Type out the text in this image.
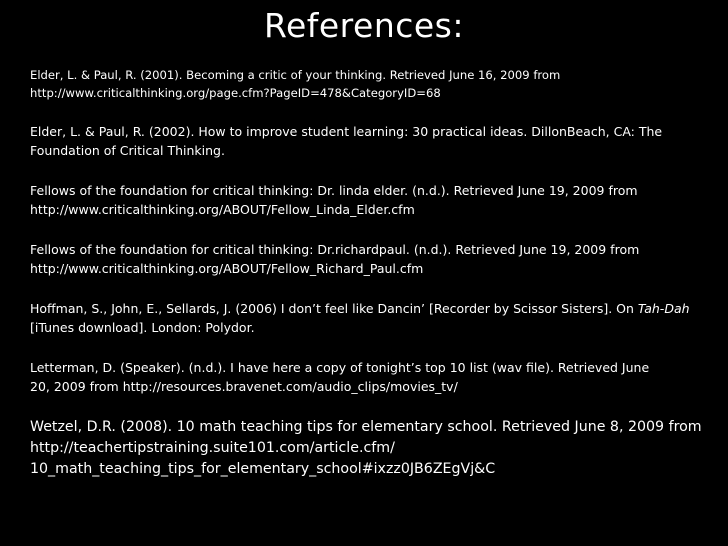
References:
Elder, L. & Paul, R. (2001). Becoming a critic of your thinking. Retrieved June 16, 2009 from
http://www.criticalthinking.org/page.cfm?PageID=478&CategoryID=68
Elder, L. & Paul, R. (2002). How to improve student learning: 30 practical ideas. DillonBeach, CA: The
Foundation of Critical Thinking.
Fellows of the foundation for critical thinking: Dr. linda elder. (n.d.). Retrieved June 19, 2009 from
http://www.criticalthinking.org/ABOUT/Fellow_Linda_Elder.cfm
Fellows of the foundation for critical thinking: Dr.richardpaul. (n.d.). Retrieved June 19, 2009 from
http://www.criticalthinking.org/ABOUT/Fellow_Richard_Paul.cfm
Hoffman, S., John, E., Sellards, J. (2006) I don’t feel like Dancin’ [Recorder by Scissor Sisters]. On Tah-Dah
[iTunes download]. London: Polydor.
Letterman, D. (Speaker). (n.d.). I have here a copy of tonight’s top 10 list (wav file). Retrieved June
20, 2009 from http://resources.bravenet.com/audio_clips/movies_tv/
Wetzel, D.R. (2008). 10 math teaching tips for elementary school. Retrieved June 8, 2009 from
http://teachertipstraining.suite101.com/article.cfm/
10_math_teaching_tips_for_elementary_school#ixzz0JB6ZEgVj&C
